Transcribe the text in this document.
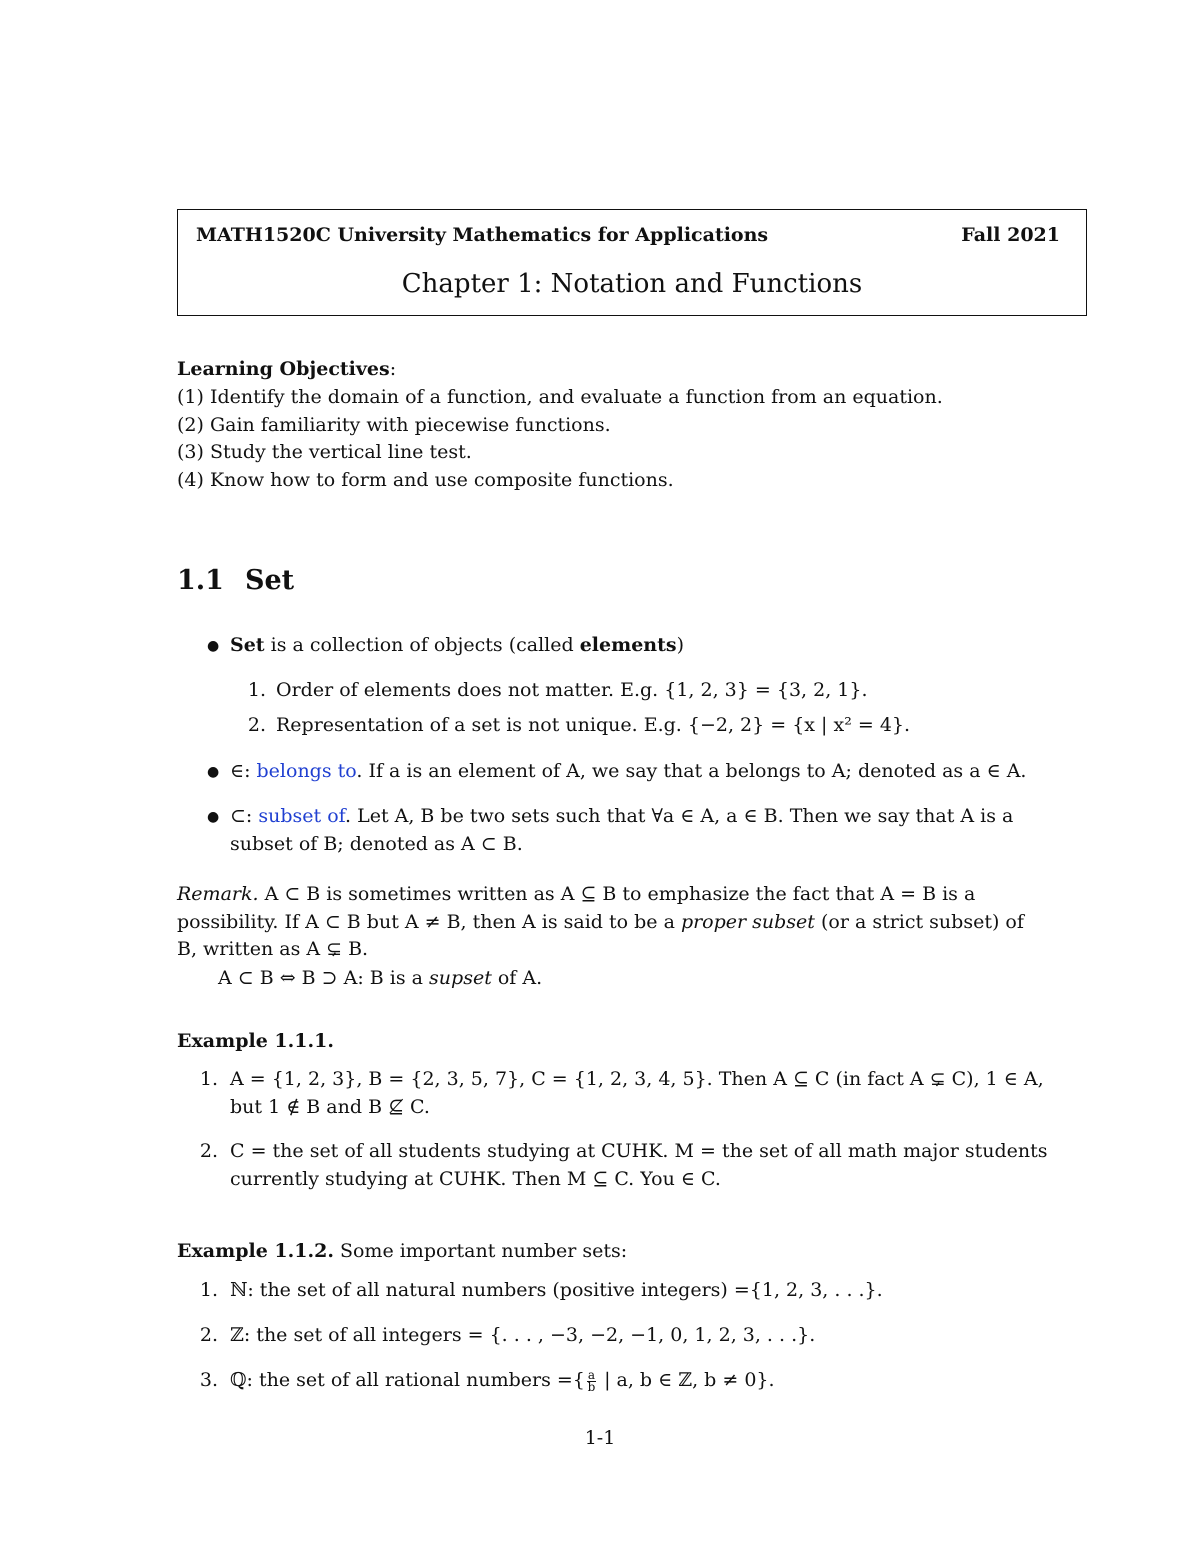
MATH1520C University Mathematics for Applications	Fall 2021
Chapter 1: Notation and Functions
Learning Objectives:
(1) Identify the domain of a function, and evaluate a function from an equation.
(2) Gain familiarity with piecewise functions.
(3) Study the vertical line test.
(4) Know how to form and use composite functions.
1.1 Set
● Set is a collection of objects (called elements)
1. Order of elements does not matter. E.g. {1, 2, 3} = {3, 2, 1}.
2. Representation of a set is not unique. E.g. {−2, 2} = {x | x² = 4}.
● ∈: belongs to. If a is an element of A, we say that a belongs to A; denoted as a ∈ A.
● ⊂: subset of. Let A, B be two sets such that ∀a ∈ A, a ∈ B. Then we say that A is a
subset of B; denoted as A ⊂ B.
Remark. A ⊂ B is sometimes written as A ⊆ B to emphasize the fact that A = B is a
possibility. If A ⊂ B but A ≠ B, then A is said to be a proper subset (or a strict subset) of
B, written as A ⊊ B.
A ⊂ B ⇔ B ⊃ A: B is a supset of A.
Example 1.1.1.
1. A = {1, 2, 3}, B = {2, 3, 5, 7}, C = {1, 2, 3, 4, 5}. Then A ⊆ C (in fact A ⊊ C), 1 ∈ A,
but 1 ∉ B and B ⊈ C.
2. C = the set of all students studying at CUHK. M = the set of all math major students
currently studying at CUHK. Then M ⊆ C. You ∈ C.
Example 1.1.2. Some important number sets:
1. ℕ: the set of all natural numbers (positive integers) ={1, 2, 3, . . .}.
2. ℤ: the set of all integers = {. . . , −3, −2, −1, 0, 1, 2, 3, . . .}.
3. ℚ: the set of all rational numbers ={ $\frac{a}{b}$ | a, b ∈ ℤ, b ≠ 0}.
1-1
